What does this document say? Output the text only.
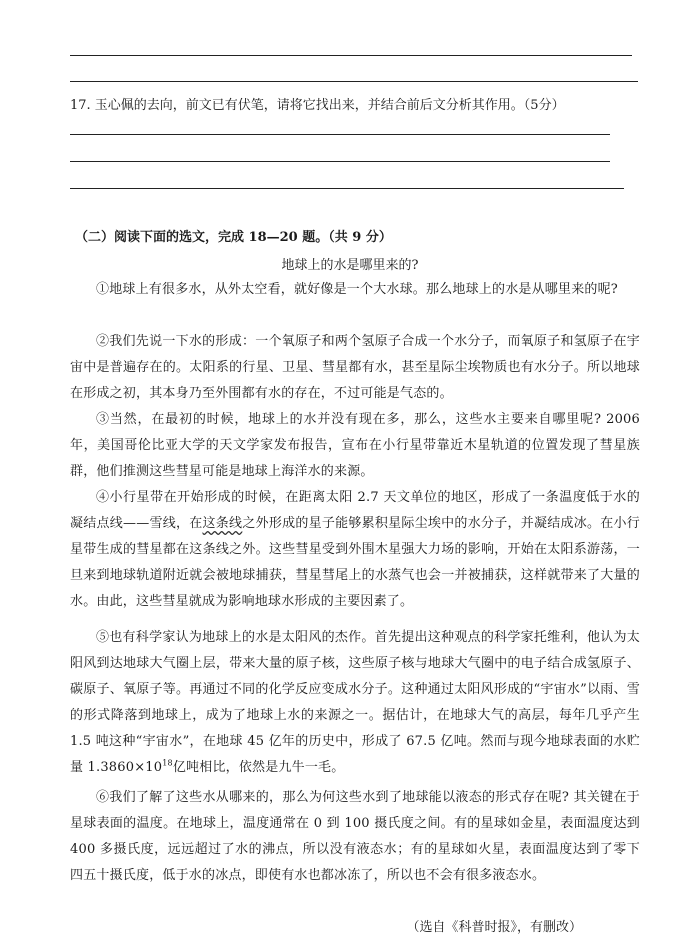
17. 玉心佩的去向，前文已有伏笔，请将它找出来，并结合前后文分析其作用。（5分）
（二）阅读下面的选文，完成 18—20 题。（共 9 分）
地球上的水是哪里来的?
①地球上有很多水，从外太空看，就好像是一个大水球。那么地球上的水是从哪里来的呢?
②我们先说一下水的形成：一个氧原子和两个氢原子合成一个水分子，而氧原子和氢原子在宇宙中是普遍存在的。太阳系的行星、卫星、彗星都有水，甚至星际尘埃物质也有水分子。所以地球在形成之初，其本身乃至外围都有水的存在，不过可能是气态的。
③当然，在最初的时候，地球上的水并没有现在多，那么，这些水主要来自哪里呢? 2006年，美国哥伦比亚大学的天文学家发布报告，宣布在小行星带靠近木星轨道的位置发现了彗星族群，他们推测这些彗星可能是地球上海洋水的来源。
④小行星带在开始形成的时候，在距离太阳 2.7 天文单位的地区，形成了一条温度低于水的凝结点线——雪线，在这条线之外形成的星子能够累积星际尘埃中的水分子，并凝结成冰。在小行星带生成的彗星都在这条线之外。这些彗星受到外围木星强大力场的影响，开始在太阳系游荡，一旦来到地球轨道附近就会被地球捕获，彗星彗尾上的水蒸气也会一并被捕获，这样就带来了大量的水。由此，这些彗星就成为影响地球水形成的主要因素了。
⑤也有科学家认为地球上的水是太阳风的杰作。首先提出这种观点的科学家托维利，他认为太阳风到达地球大气圈上层，带来大量的原子核，这些原子核与地球大气圈中的电子结合成氢原子、碳原子、氧原子等。再通过不同的化学反应变成水分子。这种通过太阳风形成的“宇宙水”以雨、雪的形式降落到地球上，成为了地球上水的来源之一。据估计，在地球大气的高层，每年几乎产生 1.5 吨这种“宇宙水”，在地球 45 亿年的历史中，形成了 67.5 亿吨。然而与现今地球表面的水贮量 $1.3860\times 10^{18}$亿吨相比，依然是九牛一毛。
⑥我们了解了这些水从哪来的，那么为何这些水到了地球能以液态的形式存在呢? 其关键在于星球表面的温度。在地球上，温度通常在 0 到 100 摄氏度之间。有的星球如金星，表面温度达到 400 多摄氏度，远远超过了水的沸点，所以没有液态水；有的星球如火星，表面温度达到了零下四五十摄氏度，低于水的冰点，即使有水也都冰冻了，所以也不会有很多液态水。
（选自《科普时报》，有删改）
